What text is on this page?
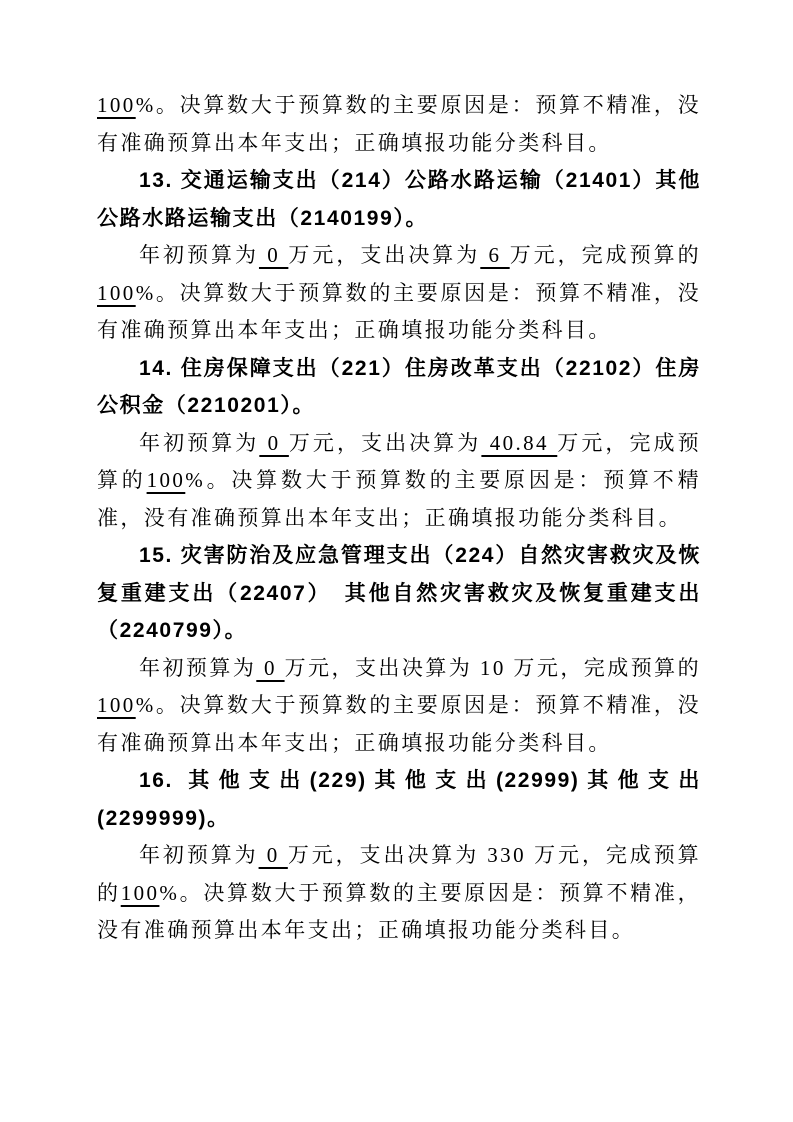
100%。决算数大于预算数的主要原因是：预算不精准，没有准确预算出本年支出；正确填报功能分类科目。

13. 交通运输支出（214）公路水路运输（21401）其他公路水路运输支出（2140199）。

年初预算为 0 万元，支出决算为 6 万元，完成预算的100%。决算数大于预算数的主要原因是：预算不精准，没有准确预算出本年支出；正确填报功能分类科目。

14. 住房保障支出（221）住房改革支出（22102）住房公积金（2210201）。

年初预算为 0 万元，支出决算为 40.84 万元，完成预算的100%。决算数大于预算数的主要原因是：预算不精准，没有准确预算出本年支出；正确填报功能分类科目。

15. 灾害防治及应急管理支出（224）自然灾害救灾及恢复重建支出（22407）　其他自然灾害救灾及恢复重建支出（2240799）。

年初预算为 0 万元，支出决算为 10 万元，完成预算的100%。决算数大于预算数的主要原因是：预算不精准，没有准确预算出本年支出；正确填报功能分类科目。

16. 其他支出(229)其他支出(22999)其他支出(2299999)。

年初预算为 0 万元，支出决算为 330 万元，完成预算的100%。决算数大于预算数的主要原因是：预算不精准，没有准确预算出本年支出；正确填报功能分类科目。
